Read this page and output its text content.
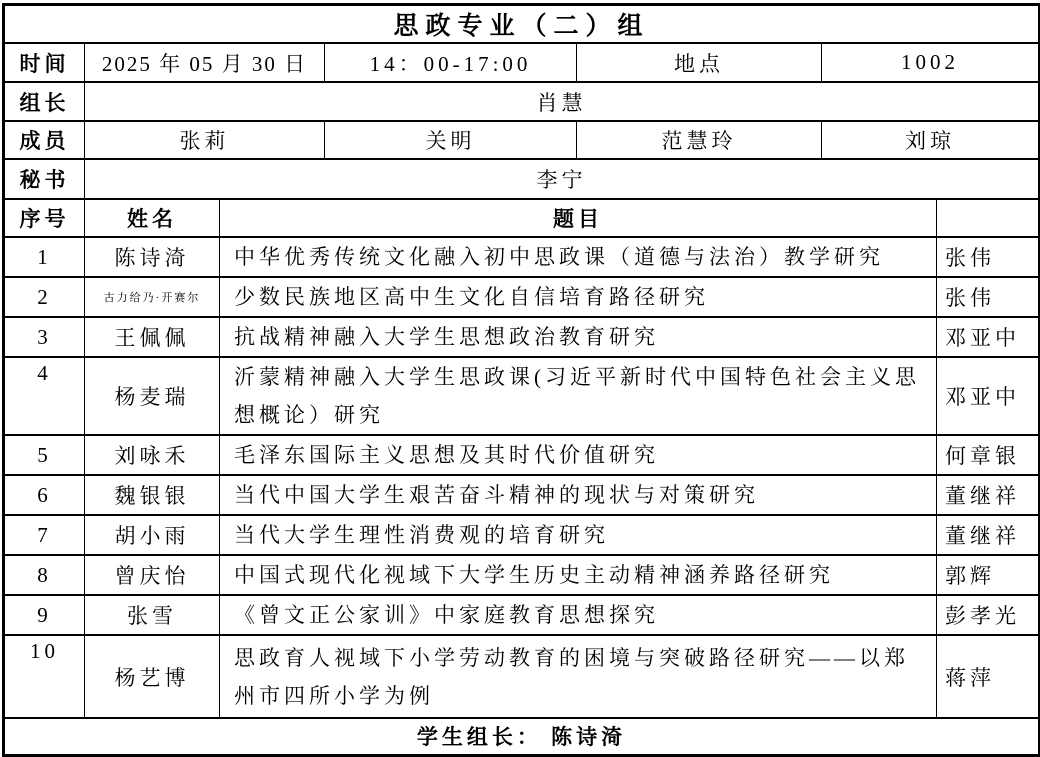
思政专业（二）组						
时间	2025 年 05 月 30 日		14：00-17:00	地点	1002	
组长	肖慧					
成员	张莉		关明	范慧玲	刘琼	
秘书	李宁					
序号	姓名	题目				
1	陈诗渏	中华优秀传统文化融入初中思政课（道德与法治）教学研究				张伟
2	古力给乃·开赛尔	少数民族地区高中生文化自信培育路径研究				张伟
3	王佩佩	抗战精神融入大学生思想政治教育研究				邓亚中
4	杨麦瑞	沂蒙精神融入大学生思政课(习近平新时代中国特色社会主义思想概论）研究				邓亚中
5	刘咏禾	毛泽东国际主义思想及其时代价值研究				何章银
6	魏银银	当代中国大学生艰苦奋斗精神的现状与对策研究				董继祥
7	胡小雨	当代大学生理性消费观的培育研究				董继祥
8	曾庆怡	中国式现代化视域下大学生历史主动精神涵养路径研究				郭辉
9	张雪	《曾文正公家训》中家庭教育思想探究				彭孝光
10	杨艺博	思政育人视域下小学劳动教育的困境与突破路径研究——以郑州市四所小学为例				蒋萍
学生组长： 陈诗渏						
